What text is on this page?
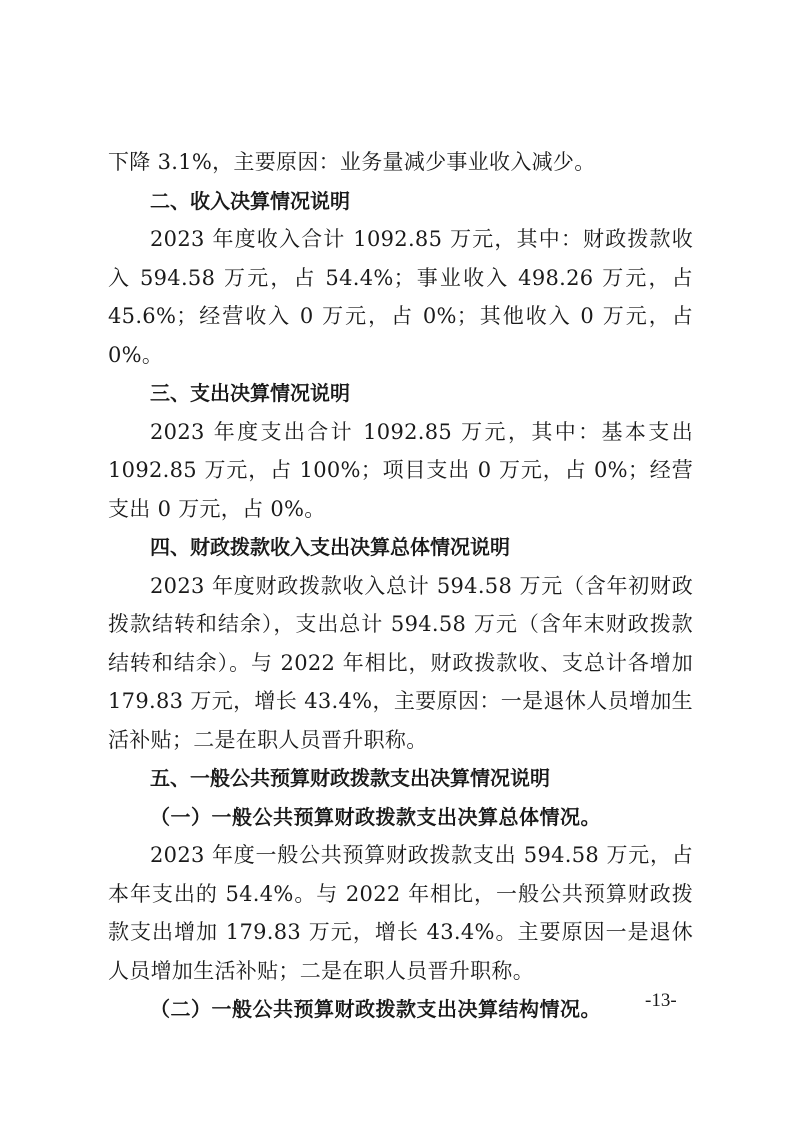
下降 3.1%，主要原因：业务量减少事业收入减少。

二、收入决算情况说明

2023 年度收入合计 1092.85 万元，其中：财政拨款收入 594.58 万元，占 54.4%；事业收入 498.26 万元，占 45.6%；经营收入 0 万元，占 0%；其他收入 0 万元，占 0%。

三、支出决算情况说明

2023 年度支出合计 1092.85 万元，其中：基本支出 1092.85 万元，占 100%；项目支出 0 万元，占 0%；经营支出 0 万元，占 0%。

四、财政拨款收入支出决算总体情况说明

2023 年度财政拨款收入总计 594.58 万元（含年初财政拨款结转和结余），支出总计 594.58 万元（含年末财政拨款结转和结余）。与 2022 年相比，财政拨款收、支总计各增加 179.83 万元，增长 43.4%，主要原因：一是退休人员增加生活补贴；二是在职人员晋升职称。

五、一般公共预算财政拨款支出决算情况说明

（一）一般公共预算财政拨款支出决算总体情况。

2023 年度一般公共预算财政拨款支出 594.58 万元，占本年支出的 54.4%。与 2022 年相比，一般公共预算财政拨款支出增加 179.83 万元，增长 43.4%。主要原因一是退休人员增加生活补贴；二是在职人员晋升职称。

（二）一般公共预算财政拨款支出决算结构情况。	-13-
